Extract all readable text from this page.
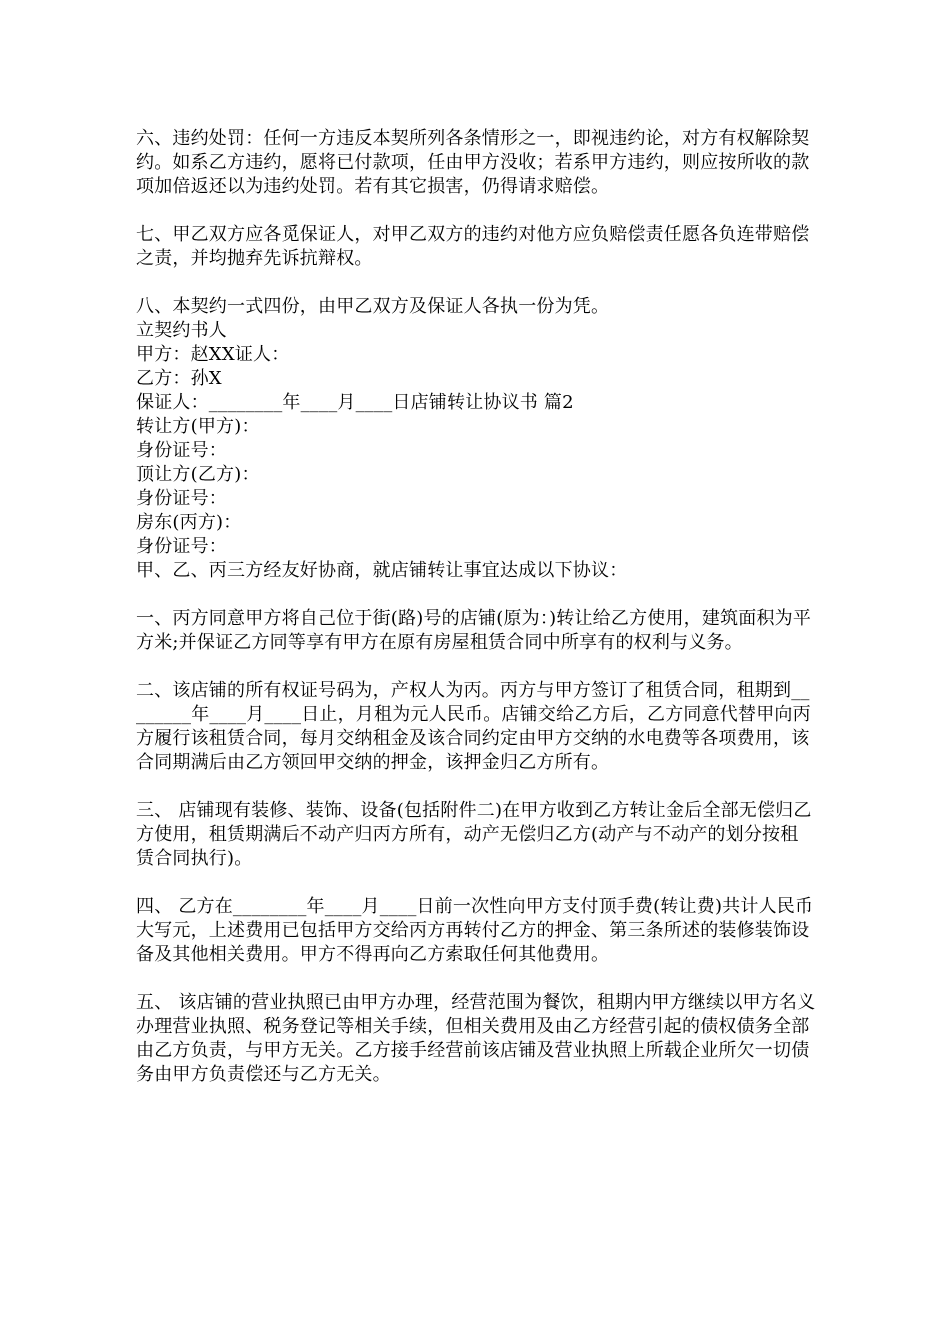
六、违约处罚：任何一方违反本契所列各条情形之一，即视违约论，对方有权解除契约。如系乙方违约，愿将已付款项，任由甲方没收；若系甲方违约，则应按所收的款项加倍返还以为违约处罚。若有其它损害，仍得请求赔偿。

七、甲乙双方应各觅保证人，对甲乙双方的违约对他方应负赔偿责任愿各负连带赔偿之责，并均抛弃先诉抗辩权。

八、本契约一式四份，由甲乙双方及保证人各执一份为凭。

立契约书人

甲方：赵XX证人：

乙方：孙X

保证人：________年____月____日店铺转让协议书 篇2

转让方(甲方)：

身份证号：

顶让方(乙方)：

身份证号：

房东(丙方)：

身份证号：

甲、乙、丙三方经友好协商，就店铺转让事宜达成以下协议：

一、丙方同意甲方将自己位于街(路)号的店铺(原为：)转让给乙方使用，建筑面积为平方米;并保证乙方同等享有甲方在原有房屋租赁合同中所享有的权利与义务。

二、该店铺的所有权证号码为，产权人为丙。丙方与甲方签订了租赁合同，租期到________年____月____日止，月租为元人民币。店铺交给乙方后，乙方同意代替甲向丙方履行该租赁合同，每月交纳租金及该合同约定由甲方交纳的水电费等各项费用，该合同期满后由乙方领回甲交纳的押金，该押金归乙方所有。

三、 店铺现有装修、装饰、设备(包括附件二)在甲方收到乙方转让金后全部无偿归乙方使用，租赁期满后不动产归丙方所有，动产无偿归乙方(动产与不动产的划分按租赁合同执行)。

四、 乙方在________年____月____日前一次性向甲方支付顶手费(转让费)共计人民币大写元，上述费用已包括甲方交给丙方再转付乙方的押金、第三条所述的装修装饰设备及其他相关费用。甲方不得再向乙方索取任何其他费用。

五、 该店铺的营业执照已由甲方办理，经营范围为餐饮，租期内甲方继续以甲方名义办理营业执照、税务登记等相关手续，但相关费用及由乙方经营引起的债权债务全部由乙方负责，与甲方无关。乙方接手经营前该店铺及营业执照上所载企业所欠一切债务由甲方负责偿还与乙方无关。
